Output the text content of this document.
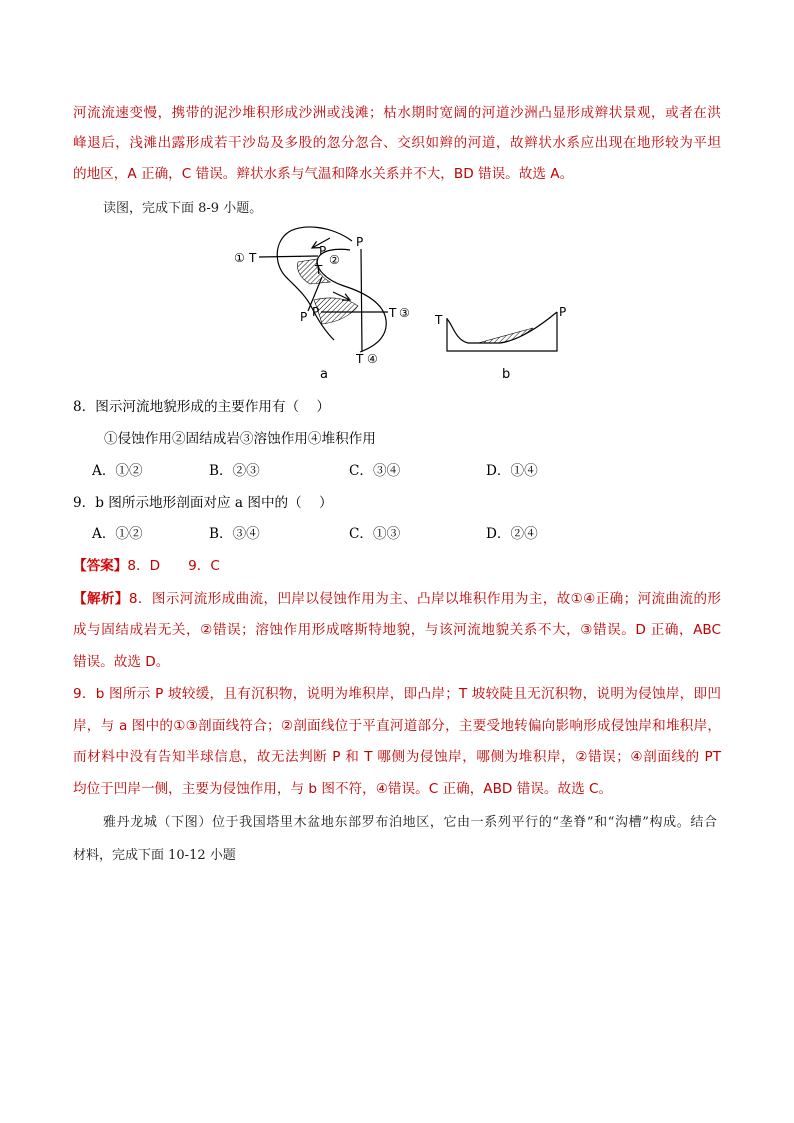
河流流速变慢，携带的泥沙堆积形成沙洲或浅滩；枯水期时宽阔的河道沙洲凸显形成辫状景观，或者在洪
峰退后，浅滩出露形成若干沙岛及多股的忽分忽合、交织如辫的河道，故辫状水系应出现在地形较为平坦
的地区，A 正确，C 错误。辫状水系与气温和降水关系并不大，BD 错误。故选 A。
读图，完成下面 8-9 小题。
① T	P
②
T
P P	T ③
P
T ④
a
T
P
b
8．图示河流地貌形成的主要作用有（    ）
①侵蚀作用②固结成岩③溶蚀作用④堆积作用
A．①②	B．②③	C．③④	D．①④
9．b 图所示地形剖面对应 a 图中的（    ）
A．①②	B．③④	C．①③	D．②④
【答案】8．D 9．C
【解析】8．图示河流形成曲流，凹岸以侵蚀作用为主、凸岸以堆积作用为主，故①④正确；河流曲流的形
成与固结成岩无关，②错误；溶蚀作用形成喀斯特地貌，与该河流地貌关系不大，③错误。D 正确，ABC
错误。故选 D。
9．b 图所示 P 坡较缓，且有沉积物，说明为堆积岸，即凸岸；T 坡较陡且无沉积物，说明为侵蚀岸，即凹
岸，与 a 图中的①③剖面线符合；②剖面线位于平直河道部分，主要受地转偏向影响形成侵蚀岸和堆积岸，
而材料中没有告知半球信息，故无法判断 P 和 T 哪侧为侵蚀岸，哪侧为堆积岸，②错误；④剖面线的 PT
均位于凹岸一侧，主要为侵蚀作用，与 b 图不符，④错误。C 正确，ABD 错误。故选 C。
雅丹龙城（下图）位于我国塔里木盆地东部罗布泊地区，它由一系列平行的“垄脊”和“沟槽”构成。结合
材料，完成下面 10-12 小题
